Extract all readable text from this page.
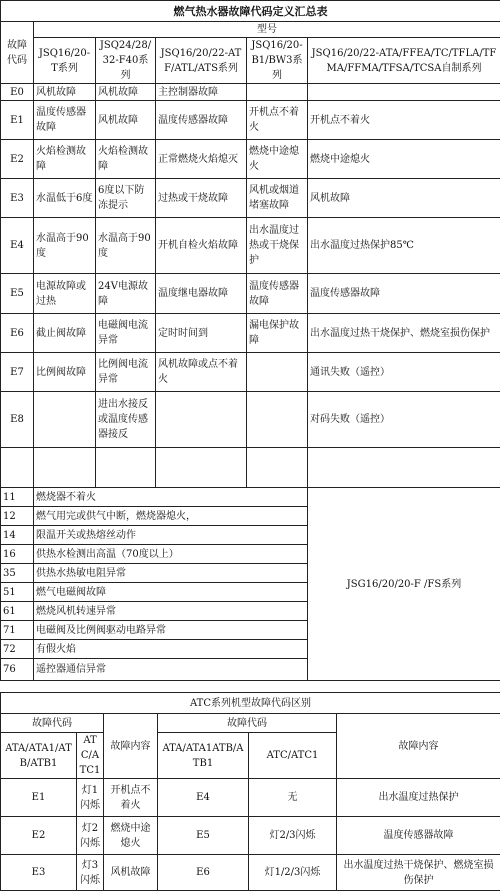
燃气热水器故障代码定义汇总表					
故障代码	型号				
	JSQ16/20-T系列	JSQ24/28/32-F40系列	JSQ16/20/22-ATF/ATL/ATS系列	JSQ16/20-B1/BW3系列	JSQ16/20/22-ATA/FFEA/TC/TFLA/TFMA/FFMA/TFSA/TCSA自制系列
E0	风机故障	风机故障	主控制器故障		
E1	温度传感器故障	风机故障	温度传感器故障	开机点不着火	开机点不着火
E2	火焰检测故障	火焰检测故障	正常燃烧火焰熄灭	燃烧中途熄火	燃烧中途熄火
E3	水温低于6度	6度以下防冻提示	过热或干烧故障	风机或烟道堵塞故障	风机故障
E4	水温高于90度	水温高于90度	开机自检火焰故障	出水温度过热或干烧保护	出水温度过热保护85℃
E5	电源故障或过热	24V电源故障	温度继电器故障	温度传感器故障	温度传感器故障
E6	截止阀故障	电磁阀电流异常	定时时间到	漏电保护故障	出水温度过热干烧保护、燃烧室损伤保护
E7	比例阀故障	比例阀电流异常	风机故障或点不着火		通讯失败（遥控）
E8		进出水接反或温度传感器接反			对码失败（遥控）

11	燃烧器不着火				JSG16/20/20-F /FS系列
12	燃气用完或供气中断，燃烧器熄火，				
14	限温开关或热熔丝动作				
16	供热水检测出高温（70度以上）				
35	供热水热敏电阻异常				
51	燃气电磁阀故障				
61	燃烧风机转速异常				
71	电磁阀及比例阀驱动电路异常				
72	有假火焰				
76	遥控器通信异常				
ATC系列机型故障代码区别					
故障代码		故障内容	故障代码		故障内容
ATA/ATA1/ATB/ATB1	ATC/ATC1		ATA/ATA1ATB/ATB1	ATC/ATC1	
E1	灯1闪烁	开机点不着火	E4	无	出水温度过热保护
E2	灯2闪烁	燃烧中途熄火	E5	灯2/3闪烁	温度传感器故障
E3	灯3闪烁	风机故障	E6	灯1/2/3闪烁	出水温度过热干烧保护、燃烧室损伤保护
